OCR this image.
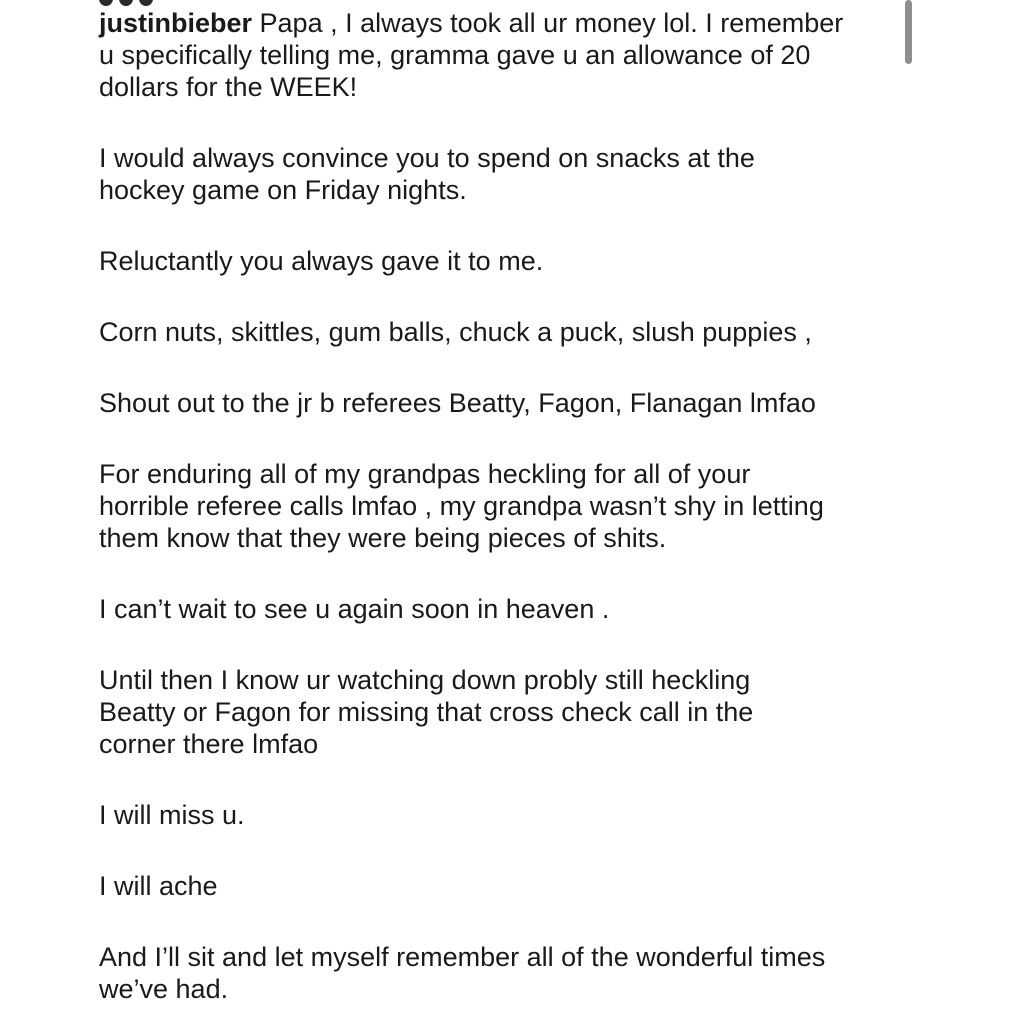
justinbieber Papa , I always took all ur money lol. I remember
u specifically telling me, gramma gave u an allowance of 20
dollars for the WEEK!

I would always convince you to spend on snacks at the
hockey game on Friday nights.

Reluctantly you always gave it to me.

Corn nuts, skittles, gum balls, chuck a puck, slush puppies ,

Shout out to the jr b referees Beatty, Fagon, Flanagan lmfao

For enduring all of my grandpas heckling for all of your
horrible referee calls lmfao , my grandpa wasn’t shy in letting
them know that they were being pieces of shits.

I can’t wait to see u again soon in heaven .

Until then I know ur watching down probly still heckling
Beatty or Fagon for missing that cross check call in the
corner there lmfao

I will miss u.

I will ache

And I’ll sit and let myself remember all of the wonderful times
we’ve had.
